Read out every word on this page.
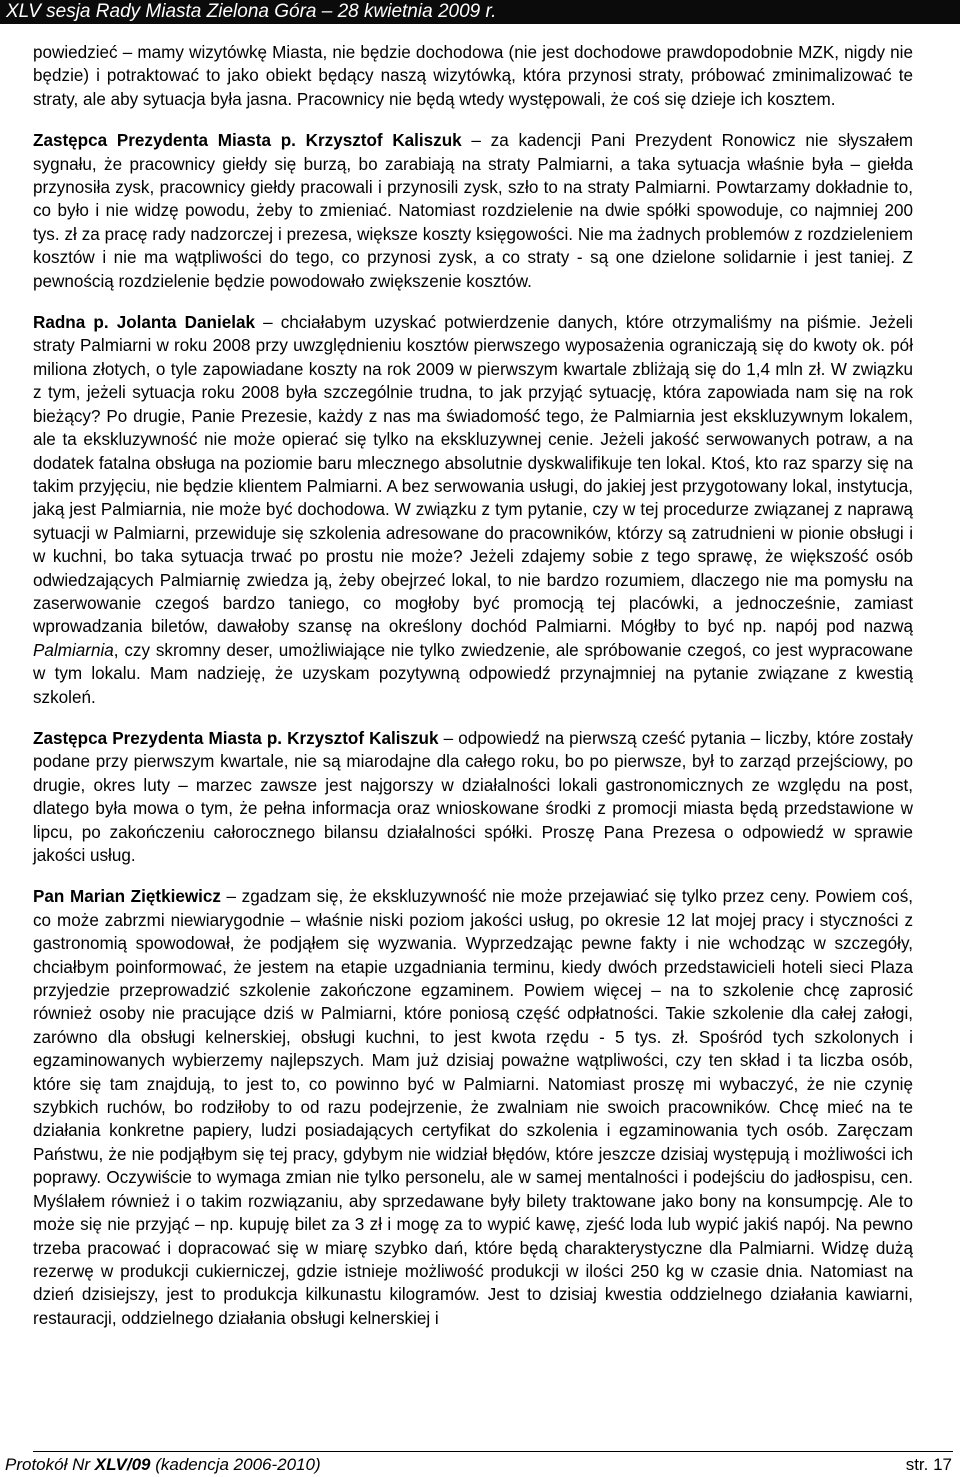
XLV sesja Rady Miasta Zielona Góra – 28 kwietnia 2009 r.

powiedzieć – mamy wizytówkę Miasta, nie będzie dochodowa (nie jest dochodowe prawdopodobnie MZK, nigdy nie będzie) i potraktować to jako obiekt będący naszą wizytówką, która przynosi straty, próbować zminimalizować te straty, ale aby sytuacja była jasna. Pracownicy nie będą wtedy występowali, że coś się dzieje ich kosztem.

Zastępca Prezydenta Miasta p. Krzysztof Kaliszuk – za kadencji Pani Prezydent Ronowicz nie słyszałem sygnału, że pracownicy giełdy się burzą, bo zarabiają na straty Palmiarni, a taka sytuacja właśnie była – giełda przynosiła zysk, pracownicy giełdy pracowali i przynosili zysk, szło to na straty Palmiarni. Powtarzamy dokładnie to, co było i nie widzę powodu, żeby to zmieniać. Natomiast rozdzielenie na dwie spółki spowoduje, co najmniej 200 tys. zł za pracę rady nadzorczej i prezesa, większe koszty księgowości. Nie ma żadnych problemów z rozdzieleniem kosztów i nie ma wątpliwości do tego, co przynosi zysk, a co straty - są one dzielone solidarnie i jest taniej. Z pewnością rozdzielenie będzie powodowało zwiększenie kosztów.

Radna p. Jolanta Danielak – chciałabym uzyskać potwierdzenie danych, które otrzymaliśmy na piśmie. Jeżeli straty Palmiarni w roku 2008 przy uwzględnieniu kosztów pierwszego wyposażenia ograniczają się do kwoty ok. pół miliona złotych, o tyle zapowiadane koszty na rok 2009 w pierwszym kwartale zbliżają się do 1,4 mln zł. W związku z tym, jeżeli sytuacja roku 2008 była szczególnie trudna, to jak przyjąć sytuację, która zapowiada nam się na rok bieżący? Po drugie, Panie Prezesie, każdy z nas ma świadomość tego, że Palmiarnia jest ekskluzywnym lokalem, ale ta ekskluzywność nie może opierać się tylko na ekskluzywnej cenie. Jeżeli jakość serwowanych potraw, a na dodatek fatalna obsługa na poziomie baru mlecznego absolutnie dyskwalifikuje ten lokal. Ktoś, kto raz sparzy się na takim przyjęciu, nie będzie klientem Palmiarni. A bez serwowania usługi, do jakiej jest przygotowany lokal, instytucja, jaką jest Palmiarnia, nie może być dochodowa. W związku z tym pytanie, czy w tej procedurze związanej z naprawą sytuacji w Palmiarni, przewiduje się szkolenia adresowane do pracowników, którzy są zatrudnieni w pionie obsługi i w kuchni, bo taka sytuacja trwać po prostu nie może? Jeżeli zdajemy sobie z tego sprawę, że większość osób odwiedzających Palmiarnię zwiedza ją, żeby obejrzeć lokal, to nie bardzo rozumiem, dlaczego nie ma pomysłu na zaserwowanie czegoś bardzo taniego, co mogłoby być promocją tej placówki, a jednocześnie, zamiast wprowadzania biletów, dawałoby szansę na określony dochód Palmiarni. Mógłby to być np. napój pod nazwą Palmiarnia, czy skromny deser, umożliwiające nie tylko zwiedzenie, ale spróbowanie czegoś, co jest wypracowane w tym lokalu. Mam nadzieję, że uzyskam pozytywną odpowiedź przynajmniej na pytanie związane z kwestią szkoleń.

Zastępca Prezydenta Miasta p. Krzysztof Kaliszuk – odpowiedź na pierwszą cześć pytania – liczby, które zostały podane przy pierwszym kwartale, nie są miarodajne dla całego roku, bo po pierwsze, był to zarząd przejściowy, po drugie, okres luty – marzec zawsze jest najgorszy w działalności lokali gastronomicznych ze względu na post, dlatego była mowa o tym, że pełna informacja oraz wnioskowane środki z promocji miasta będą przedstawione w lipcu, po zakończeniu całorocznego bilansu działalności spółki. Proszę Pana Prezesa o odpowiedź w sprawie jakości usług.

Pan Marian Ziętkiewicz – zgadzam się, że ekskluzywność nie może przejawiać się tylko przez ceny. Powiem coś, co może zabrzmi niewiarygodnie – właśnie niski poziom jakości usług, po okresie 12 lat mojej pracy i styczności z gastronomią spowodował, że podjąłem się wyzwania. Wyprzedzając pewne fakty i nie wchodząc w szczegóły, chciałbym poinformować, że jestem na etapie uzgadniania terminu, kiedy dwóch przedstawicieli hoteli sieci Plaza przyjedzie przeprowadzić szkolenie zakończone egzaminem. Powiem więcej – na to szkolenie chcę zaprosić również osoby nie pracujące dziś w Palmiarni, które poniosą część odpłatności. Takie szkolenie dla całej załogi, zarówno dla obsługi kelnerskiej, obsługi kuchni, to jest kwota rzędu - 5 tys. zł. Spośród tych szkolonych i egzaminowanych wybierzemy najlepszych. Mam już dzisiaj poważne wątpliwości, czy ten skład i ta liczba osób, które się tam znajdują, to jest to, co powinno być w Palmiarni. Natomiast proszę mi wybaczyć, że nie czynię szybkich ruchów, bo rodziłoby to od razu podejrzenie, że zwalniam nie swoich pracowników. Chcę mieć na te działania konkretne papiery, ludzi posiadających certyfikat do szkolenia i egzaminowania tych osób. Zaręczam Państwu, że nie podjąłbym się tej pracy, gdybym nie widział błędów, które jeszcze dzisiaj występują i możliwości ich poprawy. Oczywiście to wymaga zmian nie tylko personelu, ale w samej mentalności i podejściu do jadłospisu, cen. Myślałem również i o takim rozwiązaniu, aby sprzedawane były bilety traktowane jako bony na konsumpcję. Ale to może się nie przyjąć – np. kupuję bilet za 3 zł i mogę za to wypić kawę, zjeść loda lub wypić jakiś napój. Na pewno trzeba pracować i dopracować się w miarę szybko dań, które będą charakterystyczne dla Palmiarni. Widzę dużą rezerwę w produkcji cukierniczej, gdzie istnieje możliwość produkcji w ilości 250 kg w czasie dnia. Natomiast na dzień dzisiejszy, jest to produkcja kilkunastu kilogramów. Jest to dzisiaj kwestia oddzielnego działania kawiarni, restauracji, oddzielnego działania obsługi kelnerskiej i

Protokół Nr XLV/09 (kadencja 2006-2010)	str. 17
